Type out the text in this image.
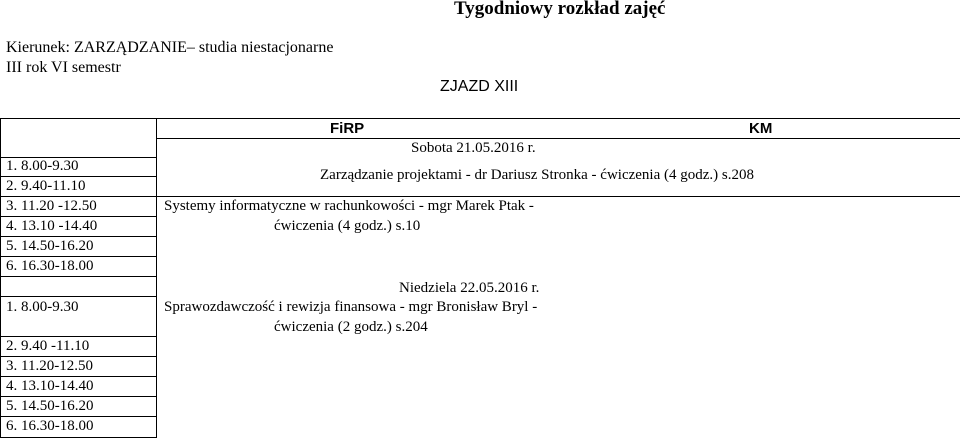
Tygodniowy rozkład zajęć
Kierunek: ZARZĄDZANIE– studia niestacjonarne
III rok VI semestr
ZJAZD XIII
FiRP	KM
Sobota 21.05.2016 r.
1. 8.00-9.30
2. 9.40-11.10
3. 11.20 -12.50
4. 13.10 -14.40
5. 14.50-16.20
6. 16.30-18.00
Zarządzanie projektami - dr Dariusz Stronka - ćwiczenia (4 godz.) s.208
Systemy informatyczne w rachunkowości - mgr Marek Ptak -
ćwiczenia (4 godz.) s.10
Niedziela 22.05.2016 r.
1. 8.00-9.30
2. 9.40 -11.10
3. 11.20-12.50
4. 13.10-14.40
5. 14.50-16.20
6. 16.30-18.00
Sprawozdawczość i rewizja finansowa - mgr Bronisław Bryl -
ćwiczenia (2 godz.) s.204
